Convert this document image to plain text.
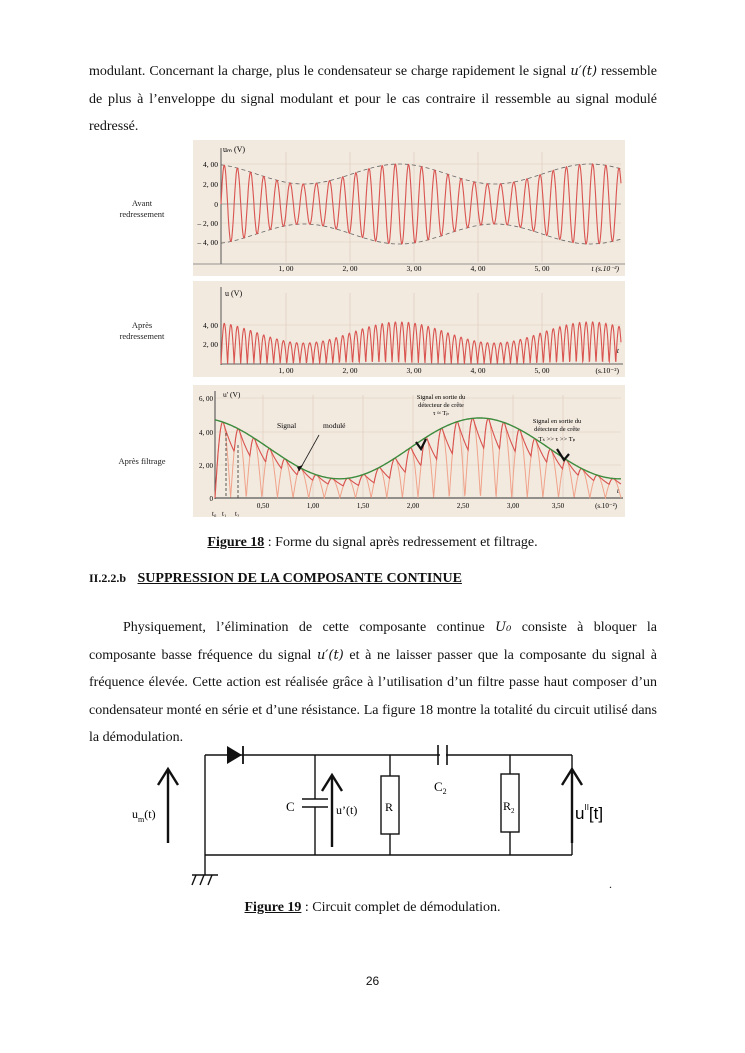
modulant. Concernant la charge, plus le condensateur se charge rapidement le signal u′(t) ressemble de plus à l’enveloppe du signal modulant et pour le cas contraire il ressemble au signal modulé redressé.

Avant redressement
Après redressement
Après filtrage
uₘ (V)
4, 00
2, 00
0
– 2, 00
– 4, 00
1, 00	2, 00	3, 00	4, 00	5, 00	t (s.10⁻²)
u (V)
4, 00
2, 00
1, 00	2, 00	3, 00	4, 00	5, 00
t
(s.10⁻²)
u' (V)
6, 00
4, 00
2, 00
0
0,50	1,00	1,50	2,00	2,50	3,00	3,50	(s.10⁻²)
t
t₀ t₁ t₂
Signal	modulé
Signal en sortie du
détecteur de crête
τ ≈ Tₚ
Signal en sortie du
détecteur de crête
Tₛ >> τ >> Tₚ
Figure 18 : Forme du signal après redressement et filtrage.
II.2.2.b SUPPRESSION DE LA COMPOSANTE CONTINUE

Physiquement, l’élimination de cette composante continue U₀ consiste à bloquer la composante basse fréquence du signal u′(t) et à ne laisser passer que la composante du signal à fréquence élevée. Cette action est réalisée grâce à l’utilisation d’un filtre passe haut composer d’un condensateur monté en série et d’une résistance. La figure 18 montre la totalité du circuit utilisé dans la démodulation.

$u_m(t)$	C	u’(t) R
$C_2$
$R_2$	$u^{II}[t]$
.
Figure 19 : Circuit complet de démodulation.
26
